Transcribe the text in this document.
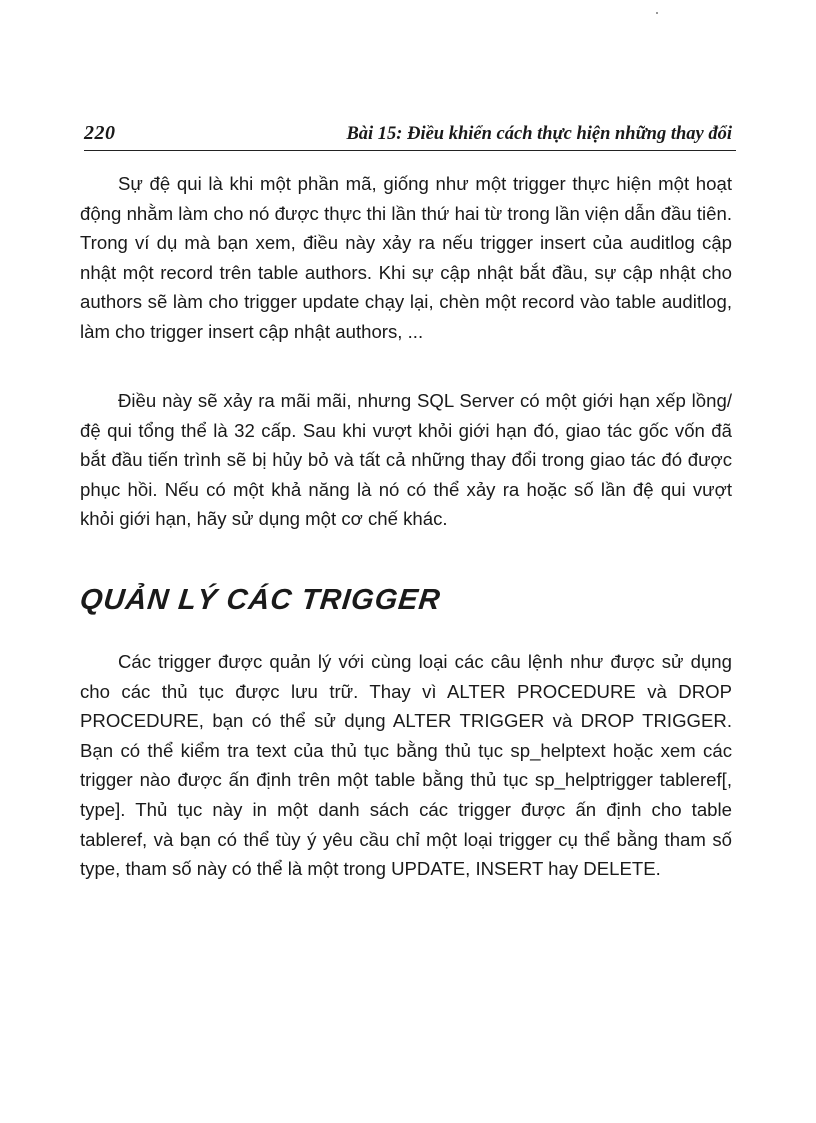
220	Bài 15: Điều khiển cách thực hiện những thay đổi

Sự đệ qui là khi một phần mã, giống như một trigger thực hiện một hoạt động nhằm làm cho nó được thực thi lần thứ hai từ trong lần viện dẫn đầu tiên. Trong ví dụ mà bạn xem, điều này xảy ra nếu trigger insert của auditlog cập nhật một record trên table authors. Khi sự cập nhật bắt đầu, sự cập nhật cho authors sẽ làm cho trigger update chạy lại, chèn một record vào table auditlog, làm cho trigger insert cập nhật authors, ...

Điều này sẽ xảy ra mãi mãi, nhưng SQL Server có một giới hạn xếp lồng/đệ qui tổng thể là 32 cấp. Sau khi vượt khỏi giới hạn đó, giao tác gốc vốn đã bắt đầu tiến trình sẽ bị hủy bỏ và tất cả những thay đổi trong giao tác đó được phục hồi. Nếu có một khả năng là nó có thể xảy ra hoặc số lần đệ qui vượt khỏi giới hạn, hãy sử dụng một cơ chế khác.

QUẢN LÝ CÁC TRIGGER

Các trigger được quản lý với cùng loại các câu lệnh như được sử dụng cho các thủ tục được lưu trữ. Thay vì ALTER PROCEDURE và DROP PROCEDURE, bạn có thể sử dụng ALTER TRIGGER và DROP TRIGGER. Bạn có thể kiểm tra text của thủ tục bằng thủ tục sp_helptext hoặc xem các trigger nào được ấn định trên một table bằng thủ tục sp_helptrigger tableref[, type]. Thủ tục này in một danh sách các trigger được ấn định cho table tableref, và bạn có thể tùy ý yêu cầu chỉ một loại trigger cụ thể bằng tham số type, tham số này có thể là một trong UPDATE, INSERT hay DELETE.
